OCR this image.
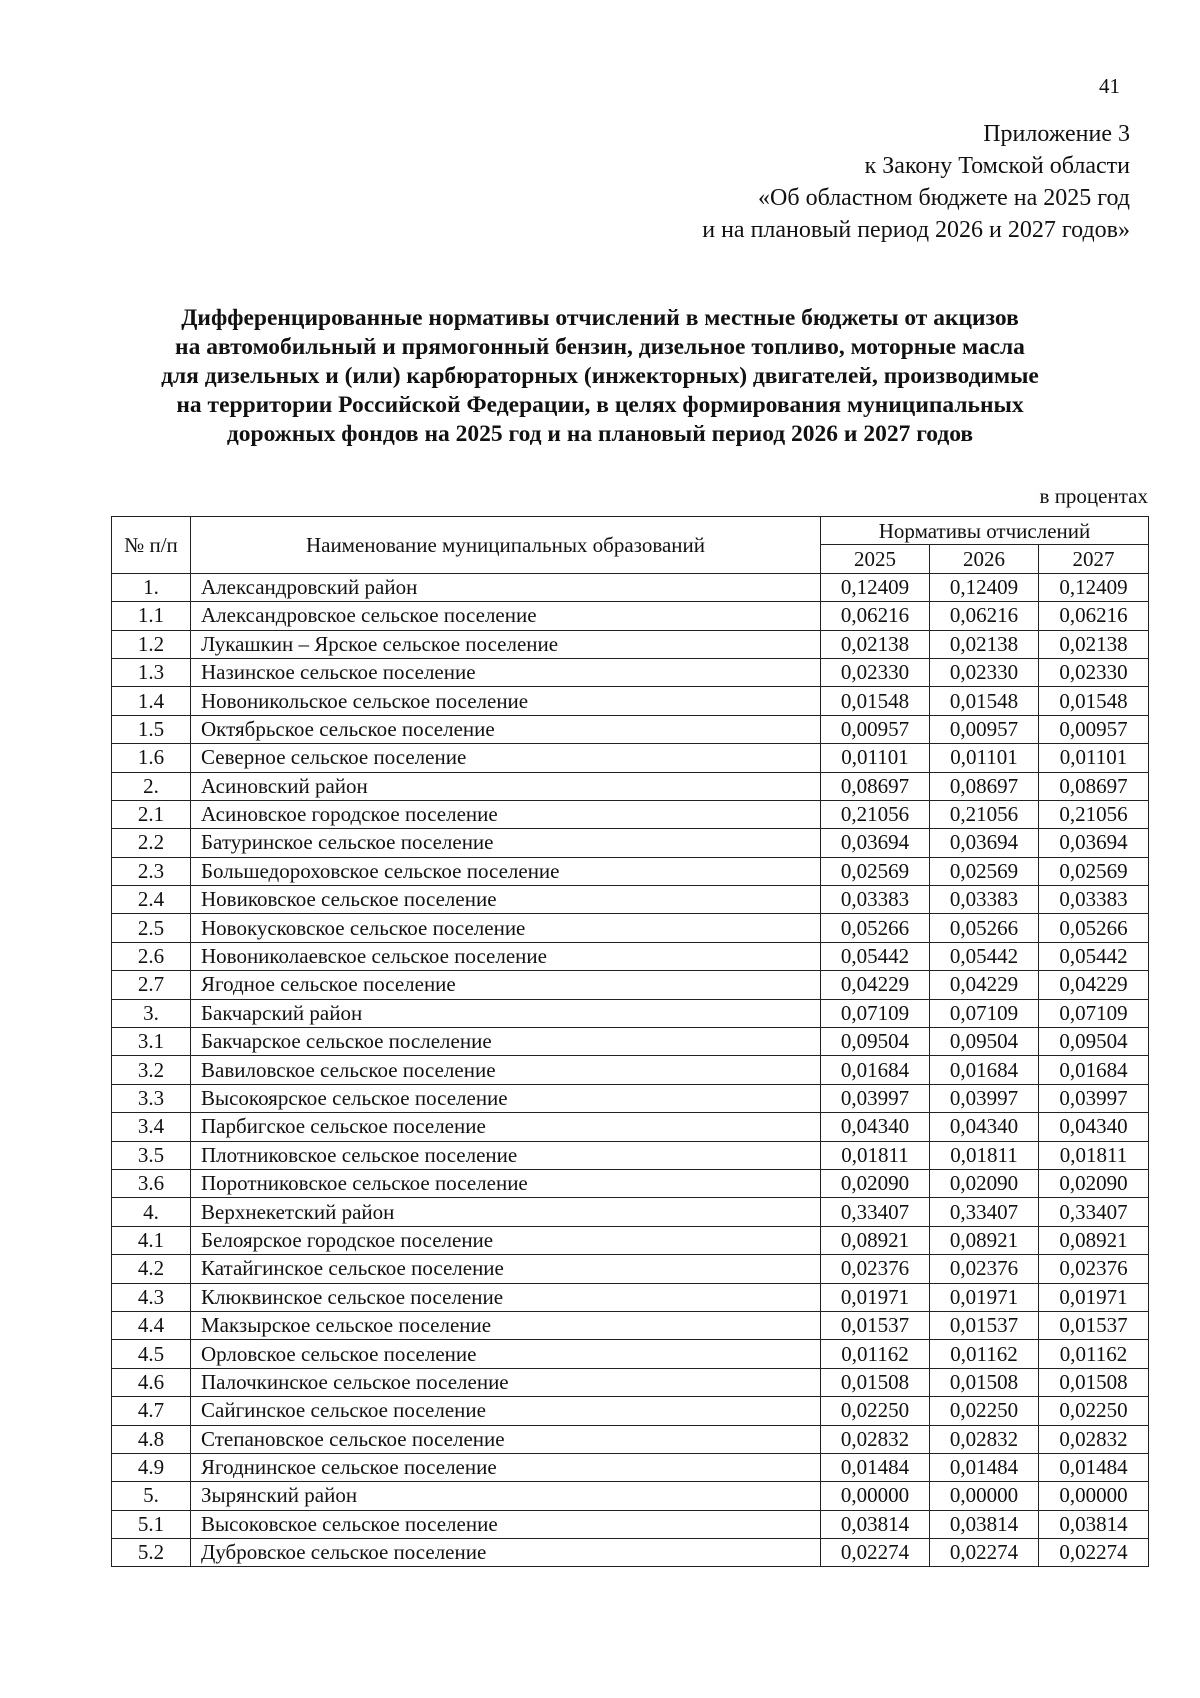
41
Приложение 3
к Закону Томской области
«Об областном бюджете на 2025 год
и на плановый период 2026 и 2027 годов»
Дифференцированные нормативы отчислений в местные бюджеты от акцизов
на автомобильный и прямогонный бензин, дизельное топливо, моторные масла
для дизельных и (или) карбюраторных (инжекторных) двигателей, производимые
на территории Российской Федерации, в целях формирования муниципальных
дорожных фондов на 2025 год и на плановый период 2026 и 2027 годов
в процентах
№ п/п	Наименование муниципальных образований	Нормативы отчислений		
		2025	2026	2027
1.	Александровский район	0,12409	0,12409	0,12409
1.1	Александровское сельское поселение	0,06216	0,06216	0,06216
1.2	Лукашкин – Ярское сельское поселение	0,02138	0,02138	0,02138
1.3	Назинское сельское поселение	0,02330	0,02330	0,02330
1.4	Новоникольское сельское поселение	0,01548	0,01548	0,01548
1.5	Октябрьское сельское поселение	0,00957	0,00957	0,00957
1.6	Северное сельское поселение	0,01101	0,01101	0,01101
2.	Асиновский район	0,08697	0,08697	0,08697
2.1	Асиновское городское поселение	0,21056	0,21056	0,21056
2.2	Батуринское сельское поселение	0,03694	0,03694	0,03694
2.3	Большедороховское сельское поселение	0,02569	0,02569	0,02569
2.4	Новиковское сельское поселение	0,03383	0,03383	0,03383
2.5	Новокусковское сельское поселение	0,05266	0,05266	0,05266
2.6	Новониколаевское сельское поселение	0,05442	0,05442	0,05442
2.7	Ягодное сельское поселение	0,04229	0,04229	0,04229
3.	Бакчарский район	0,07109	0,07109	0,07109
3.1	Бакчарское сельское послеление	0,09504	0,09504	0,09504
3.2	Вавиловское сельское поселение	0,01684	0,01684	0,01684
3.3	Высокоярское сельское поселение	0,03997	0,03997	0,03997
3.4	Парбигское сельское поселение	0,04340	0,04340	0,04340
3.5	Плотниковское сельское поселение	0,01811	0,01811	0,01811
3.6	Поротниковское сельское поселение	0,02090	0,02090	0,02090
4.	Верхнекетский район	0,33407	0,33407	0,33407
4.1	Белоярское городское поселение	0,08921	0,08921	0,08921
4.2	Катайгинское сельское поселение	0,02376	0,02376	0,02376
4.3	Клюквинское сельское поселение	0,01971	0,01971	0,01971
4.4	Макзырское сельское поселение	0,01537	0,01537	0,01537
4.5	Орловское сельское поселение	0,01162	0,01162	0,01162
4.6	Палочкинское сельское поселение	0,01508	0,01508	0,01508
4.7	Сайгинское сельское поселение	0,02250	0,02250	0,02250
4.8	Степановское сельское поселение	0,02832	0,02832	0,02832
4.9	Ягоднинское сельское поселение	0,01484	0,01484	0,01484
5.	Зырянский район	0,00000	0,00000	0,00000
5.1	Высоковское сельское поселение	0,03814	0,03814	0,03814
5.2	Дубровское сельское поселение	0,02274	0,02274	0,02274
